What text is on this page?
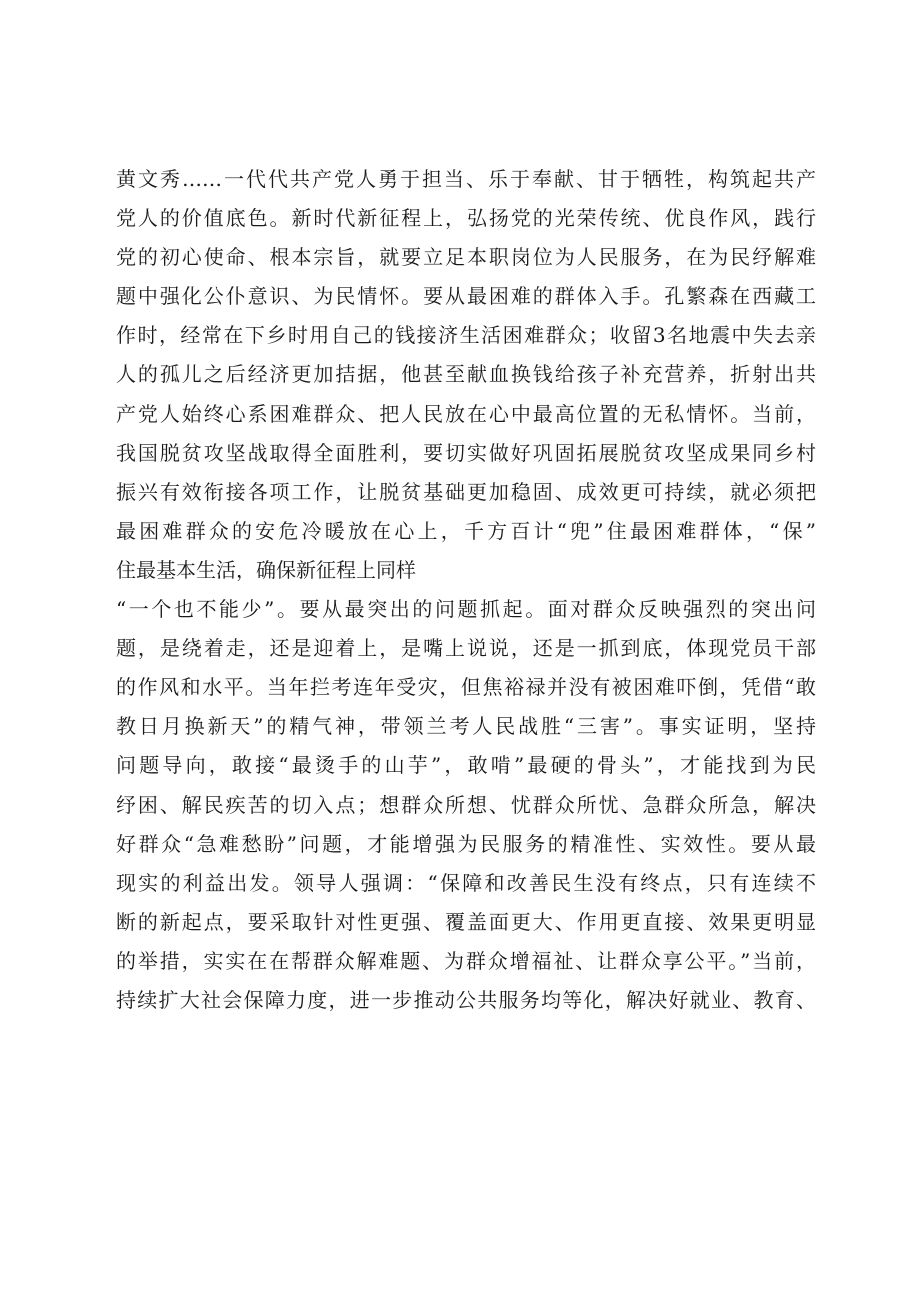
黄文秀……一代代共产党人勇于担当、乐于奉献、甘于牺牲，构筑起共产
党人的价值底色。新时代新征程上，弘扬党的光荣传统、优良作风，践行
党的初心使命、根本宗旨，就要立足本职岗位为人民服务，在为民纾解难
题中强化公仆意识、为民情怀。要从最困难的群体入手。孔繁森在西藏工
作时，经常在下乡时用自己的钱接济生活困难群众；收留3名地震中失去亲
人的孤儿之后经济更加拮据，他甚至献血换钱给孩子补充营养，折射出共
产党人始终心系困难群众、把人民放在心中最高位置的无私情怀。当前，
我国脱贫攻坚战取得全面胜利，要切实做好巩固拓展脱贫攻坚成果同乡村
振兴有效衔接各项工作，让脱贫基础更加稳固、成效更可持续，就必须把
最困难群众的安危冷暖放在心上，千方百计“兜”住最困难群体，“保”
住最基本生活，确保新征程上同样
“一个也不能少”。要从最突出的问题抓起。面对群众反映强烈的突出问
题，是绕着走，还是迎着上，是嘴上说说，还是一抓到底，体现党员干部
的作风和水平。当年拦考连年受灾，但焦裕禄并没有被困难吓倒，凭借“敢
教日月换新天”的精气神，带领兰考人民战胜“三害”。事实证明，坚持
问题导向，敢接“最烫手的山芋”，敢啃”最硬的骨头”，才能找到为民
纾困、解民疾苦的切入点；想群众所想、忧群众所忧、急群众所急，解决
好群众“急难愁盼”问题，才能增强为民服务的精准性、实效性。要从最
现实的利益出发。领导人强调：“保障和改善民生没有终点，只有连续不
断的新起点，要采取针对性更强、覆盖面更大、作用更直接、效果更明显
的举措，实实在在帮群众解难题、为群众增福祉、让群众享公平。”当前，
持续扩大社会保障力度，进一步推动公共服务均等化，解决好就业、教育、
